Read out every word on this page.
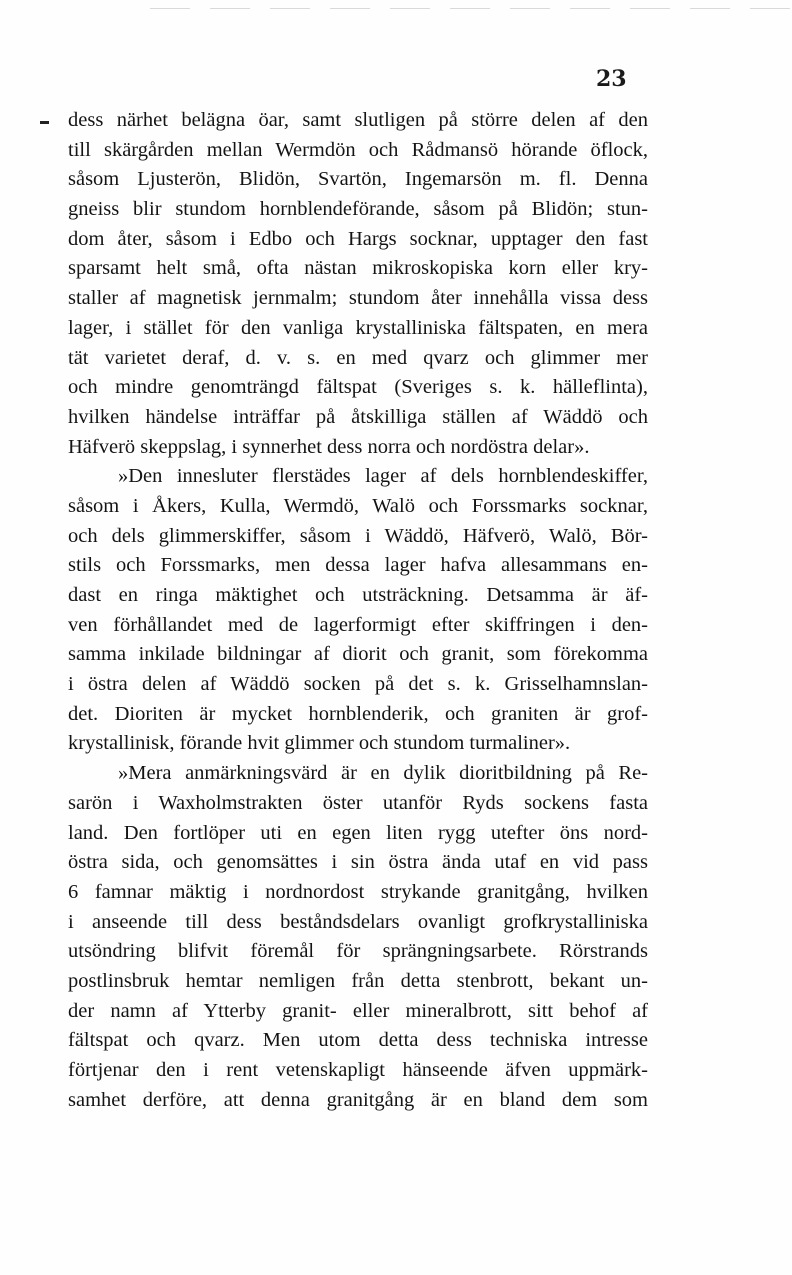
23
dess närhet belägna öar, samt slutligen på större delen af den
till skärgården mellan Wermdön och Rådmansö hörande öflock,
såsom Ljusterön, Blidön, Svartön, Ingemarsön m. fl. Denna
gneiss blir stundom hornblendeförande, såsom på Blidön; stun-
dom åter, såsom i Edbo och Hargs socknar, upptager den fast
sparsamt helt små, ofta nästan mikroskopiska korn eller kry-
staller af magnetisk jernmalm; stundom åter innehålla vissa dess
lager, i stället för den vanliga krystalliniska fältspaten, en mera
tät varietet deraf, d. v. s. en med qvarz och glimmer mer
och mindre genomträngd fältspat (Sveriges s. k. hälleflinta),
hvilken händelse inträffar på åtskilliga ställen af Wäddö och
Häfverö skeppslag, i synnerhet dess norra och nordöstra delar».
»Den innesluter flerstädes lager af dels hornblendeskiffer,
såsom i Åkers, Kulla, Wermdö, Walö och Forssmarks socknar,
och dels glimmerskiffer, såsom i Wäddö, Häfverö, Walö, Bör-
stils och Forssmarks, men dessa lager hafva allesammans en-
dast en ringa mäktighet och utsträckning. Detsamma är äf-
ven förhållandet med de lagerformigt efter skiffringen i den-
samma inkilade bildningar af diorit och granit, som förekomma
i östra delen af Wäddö socken på det s. k. Grisselhamnslan-
det. Dioriten är mycket hornblenderik, och graniten är grof-
krystallinisk, förande hvit glimmer och stundom turmaliner».
»Mera anmärkningsvärd är en dylik dioritbildning på Re-
sarön i Waxholmstrakten öster utanför Ryds sockens fasta
land. Den fortlöper uti en egen liten rygg utefter öns nord-
östra sida, och genomsättes i sin östra ända utaf en vid pass
6 famnar mäktig i nordnordost strykande granitgång, hvilken
i anseende till dess beståndsdelars ovanligt grofkrystalliniska
utsöndring blifvit föremål för sprängningsarbete. Rörstrands
postlinsbruk hemtar nemligen från detta stenbrott, bekant un-
der namn af Ytterby granit- eller mineralbrott, sitt behof af
fältspat och qvarz. Men utom detta dess techniska intresse
förtjenar den i rent vetenskapligt hänseende äfven uppmärk-
samhet derföre, att denna granitgång är en bland dem som
